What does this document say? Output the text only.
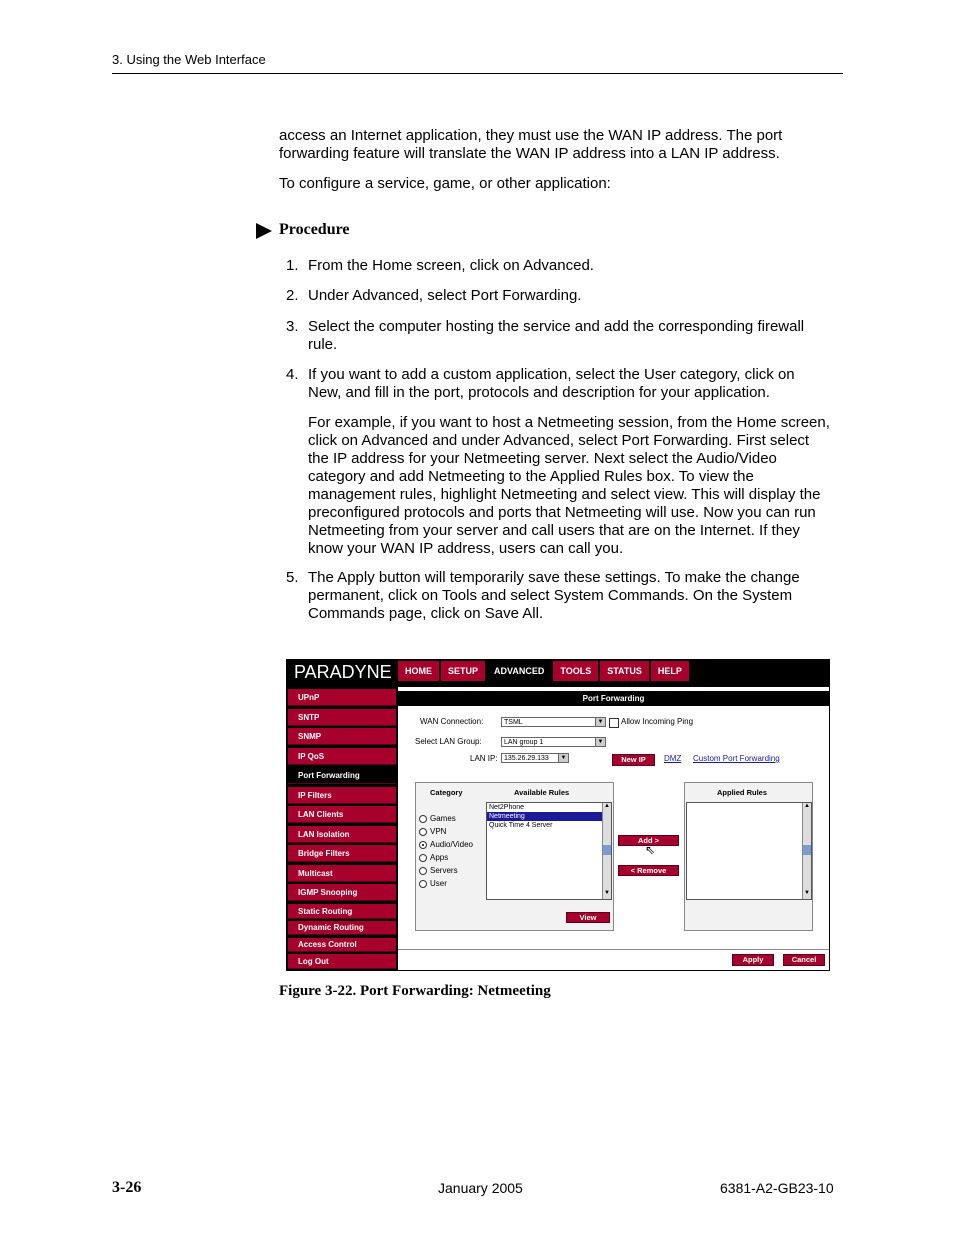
3. Using the Web Interface
access an Internet application, they must use the WAN IP address. The port
forwarding feature will translate the WAN IP address into a LAN IP address.
To configure a service, game, or other application:
Procedure
1. From the Home screen, click on Advanced.
2. Under Advanced, select Port Forwarding.
3. Select the computer hosting the service and add the corresponding firewall
rule.
4. If you want to add a custom application, select the User category, click on
New, and fill in the port, protocols and description for your application.
For example, if you want to host a Netmeeting session, from the Home screen,
click on Advanced and under Advanced, select Port Forwarding. First select
the IP address for your Netmeeting server. Next select the Audio/Video
category and add Netmeeting to the Applied Rules box. To view the
management rules, highlight Netmeeting and select view. This will display the
preconfigured protocols and ports that Netmeeting will use. Now you can run
Netmeeting from your server and call users that are on the Internet. If they
know your WAN IP address, users can call you.
5. The Apply button will temporarily save these settings. To make the change
permanent, click on Tools and select System Commands. On the System
Commands page, click on Save All.
PARADYNE	HOME	SETUP	ADVANCED	TOOLS	STATUS	HELP
UPnP
SNTP
SNMP
IP QoS
Port Forwarding
IP Filters
LAN Clients
LAN Isolation
Bridge Filters
Multicast
IGMP Snooping
Static Routing
Dynamic Routing
Access Control
Log Out
Port Forwarding
WAN Connection:	TSML	▼ Allow Incoming Ping
Select LAN Group:	LAN group 1	▼
LAN IP: 135.26.29.133	▼	New IP	DMZ Custom Port Forwarding
Category	Available Rules
Games
VPN
Audio/Video
Apps
Servers
User
Net2Phone
Netmeeting
Quick Time 4 Server
▲
▼
View
Add >
⇖
< Remove
Applied Rules
▲
▼
Apply	Cancel
Figure 3-22. Port Forwarding: Netmeeting
3-26	January 2005	6381-A2-GB23-10
